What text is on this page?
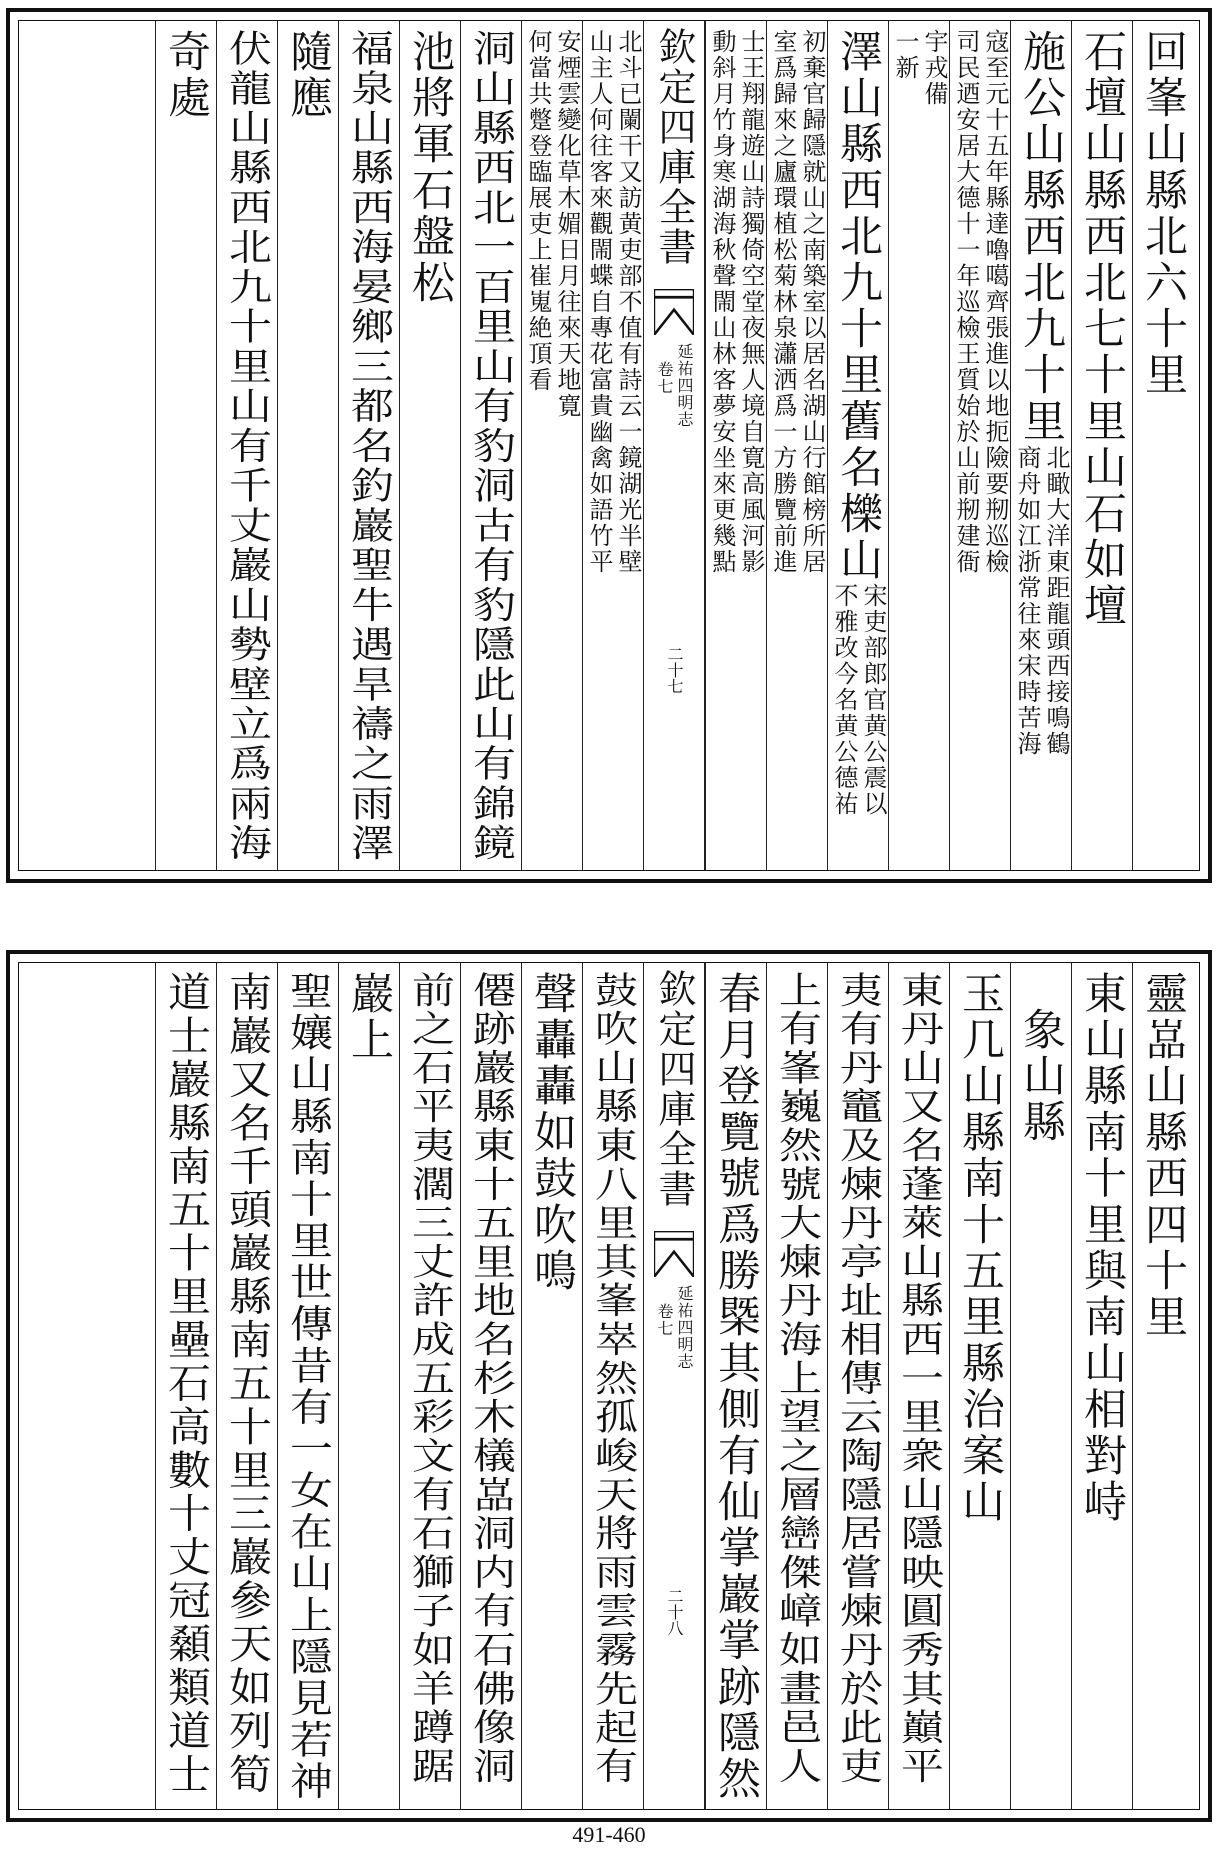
回峯山縣北六十里
石壇山縣西北七十里山石如壇
施公山縣西北九十里
北瞰大洋東距龍頭西接鳴鶴
商舟如江浙常往來宋時苦海
寇至元十五年縣達嚕噶齊張進以地扼險要剏巡檢
司民迺安居大德十一年巡檢王質始於山前剏建衙
宇戎備
一新
澤山縣西北九十里舊名櫟山
宋吏部郎官黄公震以
不雅改今名黄公德祐
初棄官歸隱就山之南築室以居名湖山行館榜所居
室爲歸來之廬環植松菊林泉瀟洒爲一方勝覽前進
士王翔龍遊山詩獨倚空堂夜無人境自寛高風河影
動斜月竹身寒湖海秋聲閙山林客夢安坐來更幾點
欽定四庫全書
延祐四明志
卷七
二十七
北斗已闌干又訪黄吏部不值有詩云一鏡湖光半壁
山主人何往客來觀閙蝶自專花富貴幽禽如語竹平
安煙雲變化草木媚日月往來天地寛
何當共蹩登臨展吏上崔嵬絶頂看
洞山縣西北一百里山有豹洞古有豹隱此山有錦鏡
池將軍石盤松
福泉山縣西海晏鄉三都名釣巖聖牛遇旱禱之雨澤
隨應
伏龍山縣西北九十里山有千丈巖山勢壁立爲兩海
奇處
靈嵓山縣西四十里
東山縣南十里與南山相對峙
象山縣
玉几山縣南十五里縣治案山
東丹山又名蓬萊山縣西一里衆山隱映圓秀其巔平
夷有丹竈及煉丹亭址相傳云陶隱居嘗煉丹於此吏
上有峯巍然號大煉丹海上望之層巒傑嶂如畫邑人
春月登覽號爲勝槩其側有仙掌巖掌跡隱然
欽定四庫全書
延祐四明志
卷七
二十八
鼓吹山縣東八里其峯崒然孤峻天將雨雲霧先起有
聲轟轟如鼓吹鳴
僊跡巖縣東十五里地名杉木檥嵓洞内有石佛像洞
前之石平夷濶三丈許成五彩文有石獅子如羊蹲踞
巖上
聖孃山縣南十里世傳昔有一女在山上隱見若神
南巖又名千頭巖縣南五十里三巖參天如列筍
道士巖縣南五十里壘石高數十丈冠顙類道士
491-460
